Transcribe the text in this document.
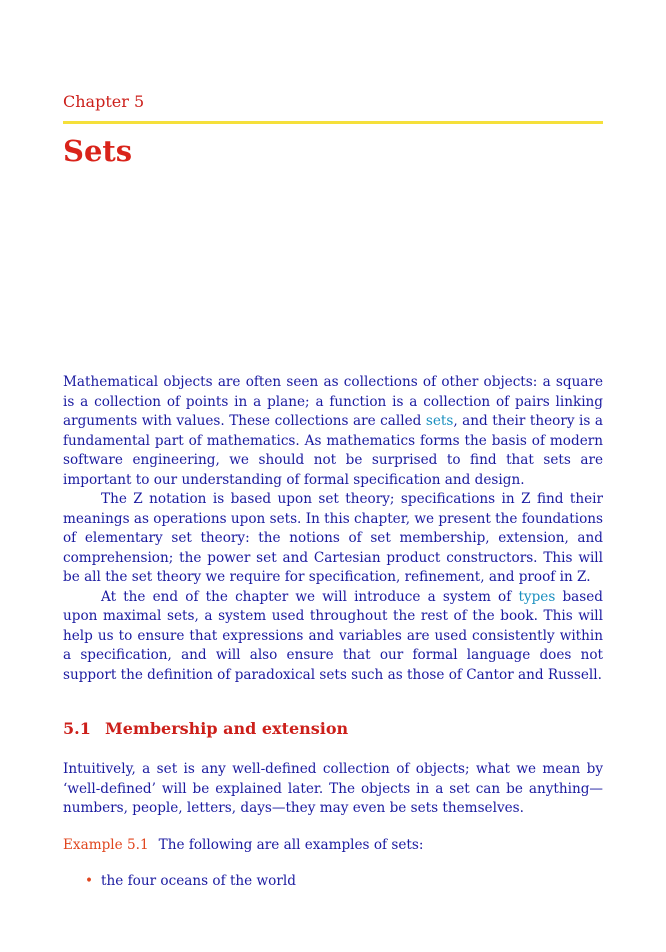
Chapter 5
Sets

Mathematical objects are often seen as collections of other objects: a square is a collection of points in a plane; a function is a collection of pairs linking arguments with values. These collections are called sets, and their theory is a fundamental part of mathematics. As mathematics forms the basis of modern software engineering, we should not be surprised to find that sets are important to our understanding of formal specification and design.

The Z notation is based upon set theory; specifications in Z find their meanings as operations upon sets. In this chapter, we present the foundations of elementary set theory: the notions of set membership, extension, and comprehension; the power set and Cartesian product constructors. This will be all the set theory we require for specification, refinement, and proof in Z.

At the end of the chapter we will introduce a system of types based upon maximal sets, a system used throughout the rest of the book. This will help us to ensure that expressions and variables are used consistently within a specification, and will also ensure that our formal language does not support the definition of paradoxical sets such as those of Cantor and Russell.

5.1 Membership and extension

Intuitively, a set is any well-defined collection of objects; what we mean by ‘well-defined’ will be explained later. The objects in a set can be anything—numbers, people, letters, days—they may even be sets themselves.

Example 5.1 The following are all examples of sets:
• the four oceans of the world
